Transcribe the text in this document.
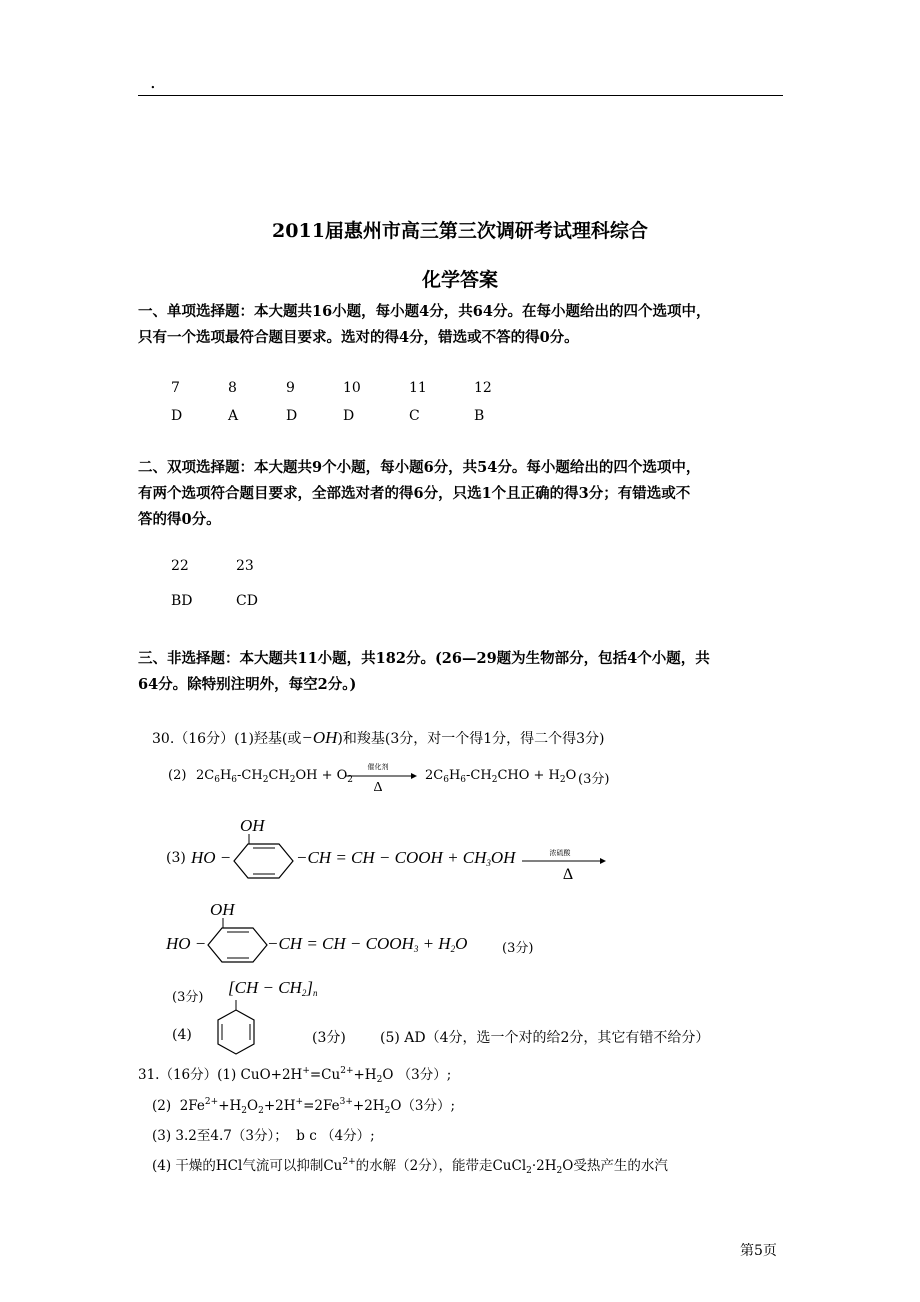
.
2011届惠州市高三第三次调研考试理科综合
化学答案
一、单项选择题：本大题共16小题，每小题4分，共64分。在每小题给出的四个选项中，
只有一个选项最符合题目要求。选对的得4分，错选或不答的得0分。
7	8	9	10	11	12
D	A	D	D	C	B
二、双项选择题：本大题共9个小题，每小题6分，共54分。每小题给出的四个选项中，
有两个选项符合题目要求，全部选对者的得6分，只选1个且正确的得3分；有错选或不
答的得0分。
22	23
BD	CD
三、非选择题：本大题共11小题，共182分。(26—29题为生物部分，包括4个小题，共
64分。除特别注明外，每空2分。)
30.（16分）(1)羟基(或−OH)和羧基(3分，对一个得1分，得二个得3分)
(2) $2C_6H_6-CH_2CH_2OH + O_2$
催化剂
Δ
$2C_6H_6-CH_2CHO + H_2O$ (3分)
(3) HO −
OH
−CH = CH − COOH + $CH_3OH$	浓硫酸
Δ
OH
HO −	−CH = CH − $COOH_3 + H_2O$	(3分)
(3分)
$[CH - CH_2]_n$
(4)	(3分) (5) AD（4分，选一个对的给2分，其它有错不给分）
31.（16分）(1) $CuO+2H^+=Cu^{2+}+H_2O$ （3分）;
(2)  $2Fe^{2+}+H_2O_2+2H^+=2Fe^{3+}+2H_2O(3$分）;
(3) 3.2至4.7（3分）；  b c （4分）;
(4) 干燥的HCl气流可以抑制$Cu^{2+}$的水解（2分），能带走$CuCl_2\cdot 2H_2O$受热产生的水汽
第5页
